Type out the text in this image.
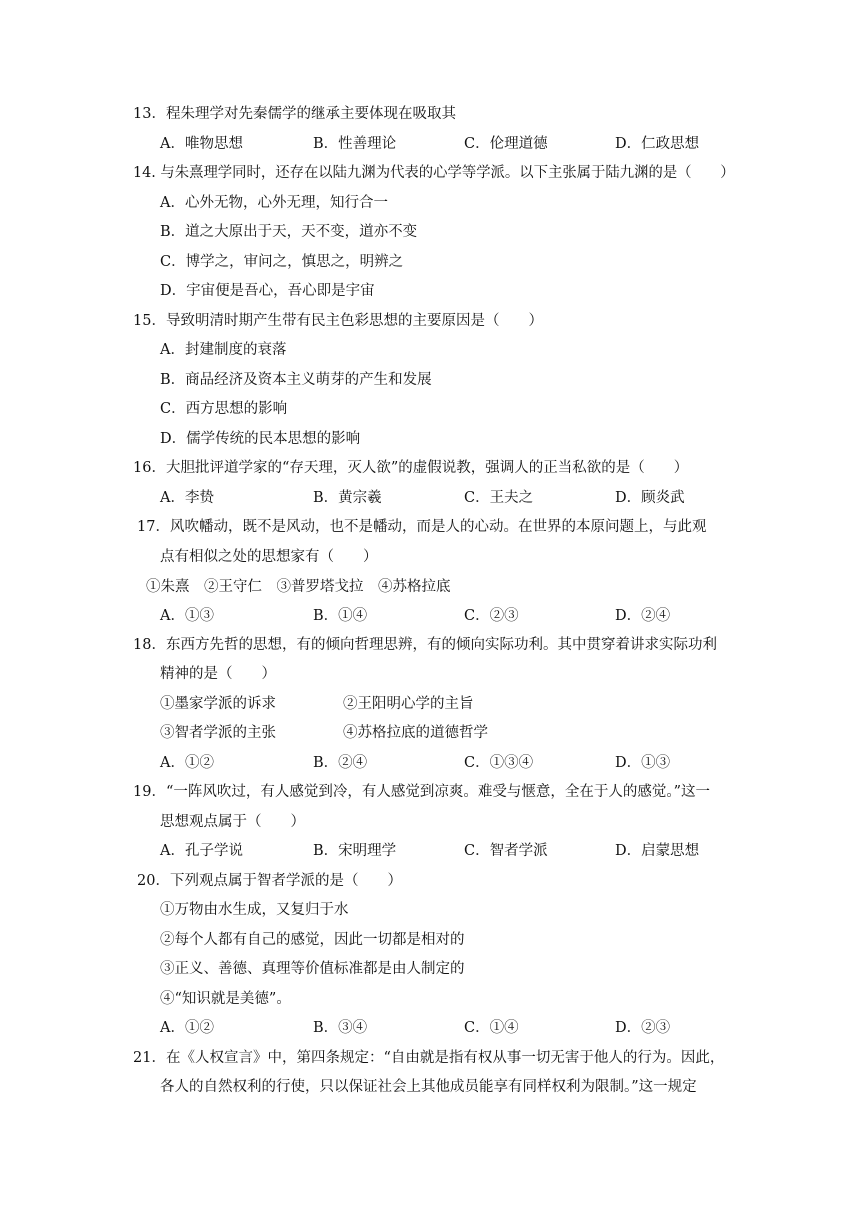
13．程朱理学对先秦儒学的继承主要体现在吸取其
A．唯物思想	B．性善理论	C．伦理道德	D．仁政思想
14. 与朱熹理学同时，还存在以陆九渊为代表的心学等学派。以下主张属于陆九渊的是（　　）
A．心外无物，心外无理，知行合一
B．道之大原出于天，天不变，道亦不变
C．博学之，审问之，慎思之，明辨之
D．宇宙便是吾心，吾心即是宇宙
15．导致明清时期产生带有民主色彩思想的主要原因是（　　）
A．封建制度的衰落
B．商品经济及资本主义萌芽的产生和发展
C．西方思想的影响
D．儒学传统的民本思想的影响
16．大胆批评道学家的“存天理，灭人欲”的虚假说教，强调人的正当私欲的是（　　）
A．李贽	B．黄宗羲	C．王夫之	D．顾炎武
17．风吹幡动，既不是风动，也不是幡动，而是人的心动。在世界的本原问题上，与此观
点有相似之处的思想家有（　　）
①朱熹　②王守仁　③普罗塔戈拉　④苏格拉底
A．①③	B．①④	C．②③	D．②④
18．东西方先哲的思想，有的倾向哲理思辨，有的倾向实际功利。其中贯穿着讲求实际功利
精神的是（　　）
①墨家学派的诉求	②王阳明心学的主旨
③智者学派的主张	④苏格拉底的道德哲学
A．①②	B．②④	C．①③④	D．①③
19．“一阵风吹过，有人感觉到冷，有人感觉到凉爽。难受与惬意，全在于人的感觉。”这一
思想观点属于（　　）
A．孔子学说	B．宋明理学	C．智者学派	D．启蒙思想
20．下列观点属于智者学派的是（　　）
①万物由水生成，又复归于水
②每个人都有自己的感觉，因此一切都是相对的
③正义、善德、真理等价值标准都是由人制定的
④“知识就是美德”。
A．①②	B．③④	C．①④	D．②③
21．在《人权宣言》中，第四条规定：“自由就是指有权从事一切无害于他人的行为。因此，
各人的自然权利的行使，只以保证社会上其他成员能享有同样权利为限制。”这一规定
